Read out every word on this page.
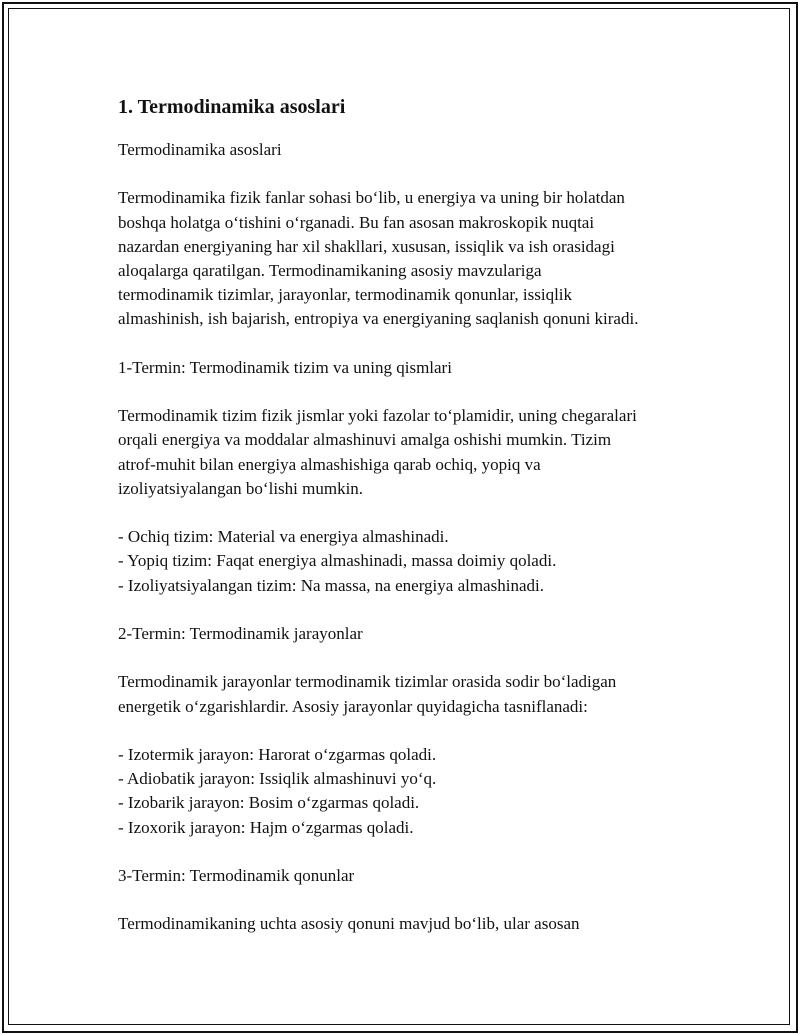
1. Termodinamika asoslari

Termodinamika asoslari

Termodinamika fizik fanlar sohasi bo‘lib, u energiya va uning bir holatdan
boshqa holatga o‘tishini o‘rganadi. Bu fan asosan makroskopik nuqtai
nazardan energiyaning har xil shakllari, xususan, issiqlik va ish orasidagi
aloqalarga qaratilgan. Termodinamikaning asosiy mavzulariga
termodinamik tizimlar, jarayonlar, termodinamik qonunlar, issiqlik
almashinish, ish bajarish, entropiya va energiyaning saqlanish qonuni kiradi.

1-Termin: Termodinamik tizim va uning qismlari

Termodinamik tizim fizik jismlar yoki fazolar to‘plamidir, uning chegaralari
orqali energiya va moddalar almashinuvi amalga oshishi mumkin. Tizim
atrof-muhit bilan energiya almashishiga qarab ochiq, yopiq va
izoliyatsiyalangan bo‘lishi mumkin.

- Ochiq tizim: Material va energiya almashinadi.

- Yopiq tizim: Faqat energiya almashinadi, massa doimiy qoladi.

- Izoliyatsiyalangan tizim: Na massa, na energiya almashinadi.

2-Termin: Termodinamik jarayonlar

Termodinamik jarayonlar termodinamik tizimlar orasida sodir bo‘ladigan
energetik o‘zgarishlardir. Asosiy jarayonlar quyidagicha tasniflanadi:

- Izotermik jarayon: Harorat o‘zgarmas qoladi.

- Adiobatik jarayon: Issiqlik almashinuvi yo‘q.

- Izobarik jarayon: Bosim o‘zgarmas qoladi.

- Izoxorik jarayon: Hajm o‘zgarmas qoladi.

3-Termin: Termodinamik qonunlar

Termodinamikaning uchta asosiy qonuni mavjud bo‘lib, ular asosan
